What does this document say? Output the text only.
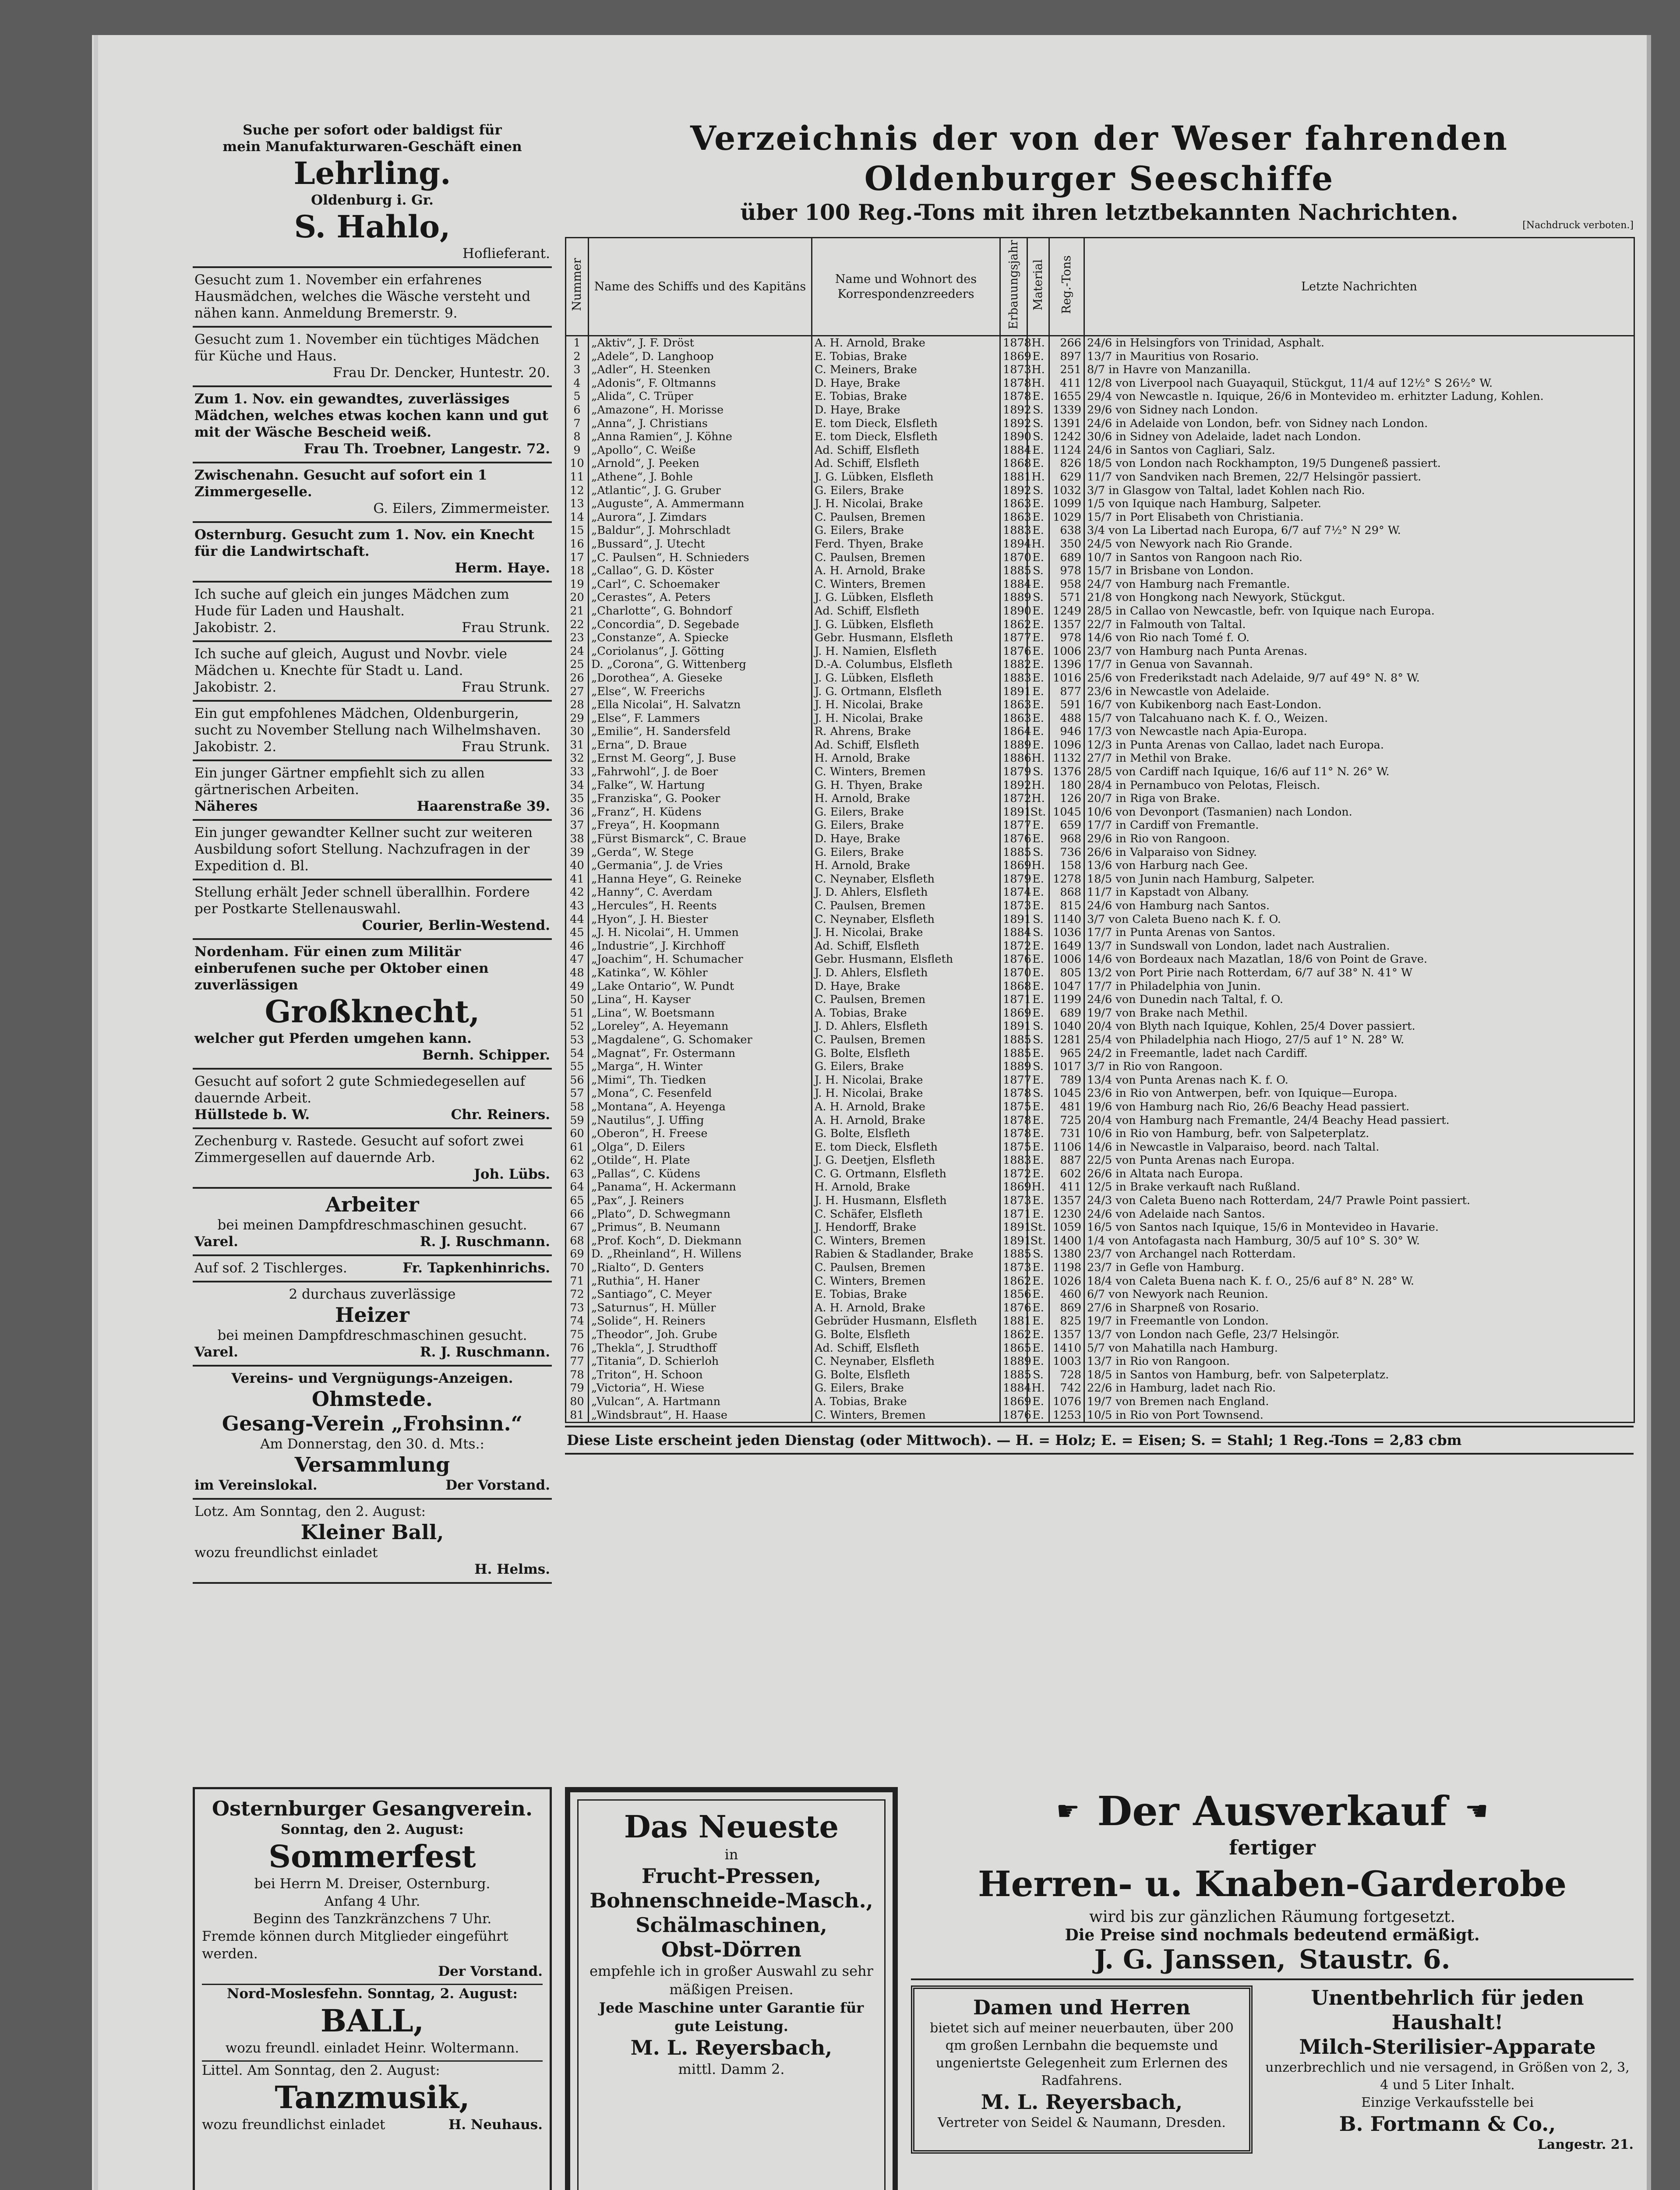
Suche per sofort oder baldigst für

mein Manufakturwaren-Geschäft einen

Lehrling.

Oldenburg i. Gr.

S. Hahlo,

Hoflieferant.

Gesucht zum 1. November ein erfahrenes Hausmädchen, welches die Wäsche versteht und nähen kann. Anmeldung Bremerstr. 9.

Gesucht zum 1. November ein tüchtiges Mädchen für Küche und Haus.

Frau Dr. Dencker, Huntestr. 20.

Zum 1. Nov. ein gewandtes, zuverlässiges Mädchen, welches etwas kochen kann und gut mit der Wäsche Bescheid weiß.

Frau Th. Troebner, Langestr. 72.

Zwischenahn. Gesucht auf sofort ein 1 Zimmergeselle.

G. Eilers, Zimmermeister.

Osternburg. Gesucht zum 1. Nov. ein Knecht für die Landwirtschaft.

Herm. Haye.

Ich suche auf gleich ein junges Mädchen zum Hude für Laden und Haushalt.

Jakobistr. 2.	Frau Strunk.

Ich suche auf gleich, August und Novbr. viele Mädchen u. Knechte für Stadt u. Land.

Jakobistr. 2.	Frau Strunk.

Ein gut empfohlenes Mädchen, Oldenburgerin, sucht zu November Stellung nach Wilhelmshaven.

Jakobistr. 2.	Frau Strunk.

Ein junger Gärtner empfiehlt sich zu allen gärtnerischen Arbeiten.

Näheres	Haarenstraße 39.

Ein junger gewandter Kellner sucht zur weiteren Ausbildung sofort Stellung. Nachzufragen in der Expedition d. Bl.

Stellung erhält Jeder schnell überallhin. Fordere per Postkarte Stellenauswahl.

Courier, Berlin-Westend.

Nordenham. Für einen zum Militär einberufenen suche per Oktober einen zuverlässigen

Großknecht,

welcher gut Pferden umgehen kann.

Bernh. Schipper.

Gesucht auf sofort 2 gute Schmiedegesellen auf dauernde Arbeit.

Hüllstede b. W.	Chr. Reiners.

Zechenburg v. Rastede. Gesucht auf sofort zwei Zimmergesellen auf dauernde Arb.

Joh. Lübs.

Arbeiter

bei meinen Dampfdreschmaschinen gesucht.

Varel.	R. J. Ruschmann.
Auf sof. 2 Tischlerges.	Fr. Tapkenhinrichs.

2 durchaus zuverlässige

Heizer

bei meinen Dampfdreschmaschinen gesucht.

Varel.	R. J. Ruschmann.

Vereins- und Vergnügungs-Anzeigen.

Ohmstede.

Gesang-Verein „Frohsinn.“

Am Donnerstag, den 30. d. Mts.:

Versammlung

im Vereinslokal.	Der Vorstand.

Lotz. Am Sonntag, den 2. August:

Kleiner Ball,

wozu freundlichst einladet

H. Helms.

Verzeichnis der von der Weser fahrenden Oldenburger Seeschiffe

über 100 Reg.-Tons mit ihren letztbekannten Nachrichten.

[Nachdruck verboten.]

Nummer	Name des Schiffs und des Kapitäns	Name und Wohnort des Korrespondenzreeders	Erbauungsjahr	Material	Reg.-Tons	Letzte Nachrichten
1	„Aktiv“, J. F. Dröst	A. H. Arnold, Brake	1878	H.	266	24/6 in Helsingfors von Trinidad, Asphalt.
2	„Adele“, D. Langhoop	E. Tobias, Brake	1869	E.	897	13/7 in Mauritius von Rosario.
3	„Adler“, H. Steenken	C. Meiners, Brake	1873	H.	251	8/7 in Havre von Manzanilla.
4	„Adonis“, F. Oltmanns	D. Haye, Brake	1878	H.	411	12/8 von Liverpool nach Guayaquil, Stückgut, 11/4 auf 12½° S 26½° W.
5	„Alida“, C. Trüper	E. Tobias, Brake	1878	E.	1655	29/4 von Newcastle n. Iquique, 26/6 in Montevideo m. erhitzter Ladung, Kohlen.
6	„Amazone“, H. Morisse	D. Haye, Brake	1892	S.	1339	29/6 von Sidney nach London.
7	„Anna“, J. Christians	E. tom Dieck, Elsfleth	1892	S.	1391	24/6 in Adelaide von London, befr. von Sidney nach London.
8	„Anna Ramien“, J. Köhne	E. tom Dieck, Elsfleth	1890	S.	1242	30/6 in Sidney von Adelaide, ladet nach London.
9	„Apollo“, C. Weiße	Ad. Schiff, Elsfleth	1884	E.	1124	24/6 in Santos von Cagliari, Salz.
10	„Arnold“, J. Peeken	Ad. Schiff, Elsfleth	1868	E.	826	18/5 von London nach Rockhampton, 19/5 Dungeneß passiert.
11	„Athene“, J. Bohle	J. G. Lübken, Elsfleth	1881	H.	629	11/7 von Sandviken nach Bremen, 22/7 Helsingör passiert.
12	„Atlantic“, J. G. Gruber	G. Eilers, Brake	1892	S.	1032	3/7 in Glasgow von Taltal, ladet Kohlen nach Rio.
13	„Auguste“, A. Ammermann	J. H. Nicolai, Brake	1863	E.	1099	1/5 von Iquique nach Hamburg, Salpeter.
14	„Aurora“, J. Zimdars	C. Paulsen, Bremen	1863	E.	1029	15/7 in Port Elisabeth von Christiania.
15	„Baldur“, J. Mohrschladt	G. Eilers, Brake	1883	E.	638	3/4 von La Libertad nach Europa, 6/7 auf 7½° N 29° W.
16	„Bussard“, J. Utecht	Ferd. Thyen, Brake	1894	H.	350	24/5 von Newyork nach Rio Grande.
17	„C. Paulsen“, H. Schnieders	C. Paulsen, Bremen	1870	E.	689	10/7 in Santos von Rangoon nach Rio.
18	„Callao“, G. D. Köster	A. H. Arnold, Brake	1885	S.	978	15/7 in Brisbane von London.
19	„Carl“, C. Schoemaker	C. Winters, Bremen	1884	E.	958	24/7 von Hamburg nach Fremantle.
20	„Cerastes“, A. Peters	J. G. Lübken, Elsfleth	1889	S.	571	21/8 von Hongkong nach Newyork, Stückgut.
21	„Charlotte“, G. Bohndorf	Ad. Schiff, Elsfleth	1890	E.	1249	28/5 in Callao von Newcastle, befr. von Iquique nach Europa.
22	„Concordia“, D. Segebade	J. G. Lübken, Elsfleth	1862	E.	1357	22/7 in Falmouth von Taltal.
23	„Constanze“, A. Spiecke	Gebr. Husmann, Elsfleth	1877	E.	978	14/6 von Rio nach Tomé f. O.
24	„Coriolanus“, J. Götting	J. H. Namien, Elsfleth	1876	E.	1006	23/7 von Hamburg nach Punta Arenas.
25	D. „Corona“, G. Wittenberg	D.-A. Columbus, Elsfleth	1882	E.	1396	17/7 in Genua von Savannah.
26	„Dorothea“, A. Gieseke	J. G. Lübken, Elsfleth	1883	E.	1016	25/6 von Frederikstadt nach Adelaide, 9/7 auf 49° N. 8° W.
27	„Else“, W. Freerichs	J. G. Ortmann, Elsfleth	1891	E.	877	23/6 in Newcastle von Adelaide.
28	„Ella Nicolai“, H. Salvatzn	J. H. Nicolai, Brake	1863	E.	591	16/7 von Kubikenborg nach East-London.
29	„Else“, F. Lammers	J. H. Nicolai, Brake	1863	E.	488	15/7 von Talcahuano nach K. f. O., Weizen.
30	„Emilie“, H. Sandersfeld	R. Ahrens, Brake	1864	E.	946	17/3 von Newcastle nach Apia-Europa.
31	„Erna“, D. Braue	Ad. Schiff, Elsfleth	1889	E.	1096	12/3 in Punta Arenas von Callao, ladet nach Europa.
32	„Ernst M. Georg“, J. Buse	H. Arnold, Brake	1886	H.	1132	27/7 in Methil von Brake.
33	„Fahrwohl“, J. de Boer	C. Winters, Bremen	1879	S.	1376	28/5 von Cardiff nach Iquique, 16/6 auf 11° N. 26° W.
34	„Falke“, W. Hartung	G. H. Thyen, Brake	1892	H.	180	28/4 in Pernambuco von Pelotas, Fleisch.
35	„Franziska“, G. Pooker	H. Arnold, Brake	1872	H.	126	20/7 in Riga von Brake.
36	„Franz“, H. Küdens	G. Eilers, Brake	1891	St.	1045	10/6 von Devonport (Tasmanien) nach London.
37	„Freya“, H. Koopmann	G. Eilers, Brake	1877	E.	659	17/7 in Cardiff von Fremantle.
38	„Fürst Bismarck“, C. Braue	D. Haye, Brake	1876	E.	968	29/6 in Rio von Rangoon.
39	„Gerda“, W. Stege	G. Eilers, Brake	1885	S.	736	26/6 in Valparaiso von Sidney.
40	„Germania“, J. de Vries	H. Arnold, Brake	1869	H.	158	13/6 von Harburg nach Gee.
41	„Hanna Heye“, G. Reineke	C. Neynaber, Elsfleth	1879	E.	1278	18/5 von Junin nach Hamburg, Salpeter.
42	„Hanny“, C. Averdam	J. D. Ahlers, Elsfleth	1874	E.	868	11/7 in Kapstadt von Albany.
43	„Hercules“, H. Reents	C. Paulsen, Bremen	1873	E.	815	24/6 von Hamburg nach Santos.
44	„Hyon“, J. H. Biester	C. Neynaber, Elsfleth	1891	S.	1140	3/7 von Caleta Bueno nach K. f. O.
45	„J. H. Nicolai“, H. Ummen	J. H. Nicolai, Brake	1884	S.	1036	17/7 in Punta Arenas von Santos.
46	„Industrie“, J. Kirchhoff	Ad. Schiff, Elsfleth	1872	E.	1649	13/7 in Sundswall von London, ladet nach Australien.
47	„Joachim“, H. Schumacher	Gebr. Husmann, Elsfleth	1876	E.	1006	14/6 von Bordeaux nach Mazatlan, 18/6 von Point de Grave.
48	„Katinka“, W. Köhler	J. D. Ahlers, Elsfleth	1870	E.	805	13/2 von Port Pirie nach Rotterdam, 6/7 auf 38° N. 41° W
49	„Lake Ontario“, W. Pundt	D. Haye, Brake	1868	E.	1047	17/7 in Philadelphia von Junin.
50	„Lina“, H. Kayser	C. Paulsen, Bremen	1871	E.	1199	24/6 von Dunedin nach Taltal, f. O.
51	„Lina“, W. Boetsmann	A. Tobias, Brake	1869	E.	689	19/7 von Brake nach Methil.
52	„Loreley“, A. Heyemann	J. D. Ahlers, Elsfleth	1891	S.	1040	20/4 von Blyth nach Iquique, Kohlen, 25/4 Dover passiert.
53	„Magdalene“, G. Schomaker	C. Paulsen, Bremen	1885	S.	1281	25/4 von Philadelphia nach Hiogo, 27/5 auf 1° N. 28° W.
54	„Magnat“, Fr. Ostermann	G. Bolte, Elsfleth	1885	E.	965	24/2 in Freemantle, ladet nach Cardiff.
55	„Marga“, H. Winter	G. Eilers, Brake	1889	S.	1017	3/7 in Rio von Rangoon.
56	„Mimi“, Th. Tiedken	J. H. Nicolai, Brake	1877	E.	789	13/4 von Punta Arenas nach K. f. O.
57	„Mona“, C. Fesenfeld	J. H. Nicolai, Brake	1878	S.	1045	23/6 in Rio von Antwerpen, befr. von Iquique—Europa.
58	„Montana“, A. Heyenga	A. H. Arnold, Brake	1875	E.	481	19/6 von Hamburg nach Rio, 26/6 Beachy Head passiert.
59	„Nautilus“, J. Uffing	A. H. Arnold, Brake	1878	E.	725	20/4 von Hamburg nach Fremantle, 24/4 Beachy Head passiert.
60	„Oberon“, H. Freese	G. Bolte, Elsfleth	1878	E.	731	10/6 in Rio von Hamburg, befr. von Salpeterplatz.
61	„Olga“, D. Eilers	E. tom Dieck, Elsfleth	1875	E.	1106	14/6 in Newcastle in Valparaiso, beord. nach Taltal.
62	„Otilde“, H. Plate	J. G. Deetjen, Elsfleth	1883	E.	887	22/5 von Punta Arenas nach Europa.
63	„Pallas“, C. Küdens	C. G. Ortmann, Elsfleth	1872	E.	602	26/6 in Altata nach Europa.
64	„Panama“, H. Ackermann	H. Arnold, Brake	1869	H.	411	12/5 in Brake verkauft nach Rußland.
65	„Pax“, J. Reiners	J. H. Husmann, Elsfleth	1873	E.	1357	24/3 von Caleta Bueno nach Rotterdam, 24/7 Prawle Point passiert.
66	„Plato“, D. Schwegmann	C. Schäfer, Elsfleth	1871	E.	1230	24/6 von Adelaide nach Santos.
67	„Primus“, B. Neumann	J. Hendorff, Brake	1891	St.	1059	16/5 von Santos nach Iquique, 15/6 in Montevideo in Havarie.
68	„Prof. Koch“, D. Diekmann	C. Winters, Bremen	1891	St.	1400	1/4 von Antofagasta nach Hamburg, 30/5 auf 10° S. 30° W.
69	D. „Rheinland“, H. Willens	Rabien & Stadlander, Brake	1885	S.	1380	23/7 von Archangel nach Rotterdam.
70	„Rialto“, D. Genters	C. Paulsen, Bremen	1873	E.	1198	23/7 in Gefle von Hamburg.
71	„Ruthia“, H. Haner	C. Winters, Bremen	1862	E.	1026	18/4 von Caleta Buena nach K. f. O., 25/6 auf 8° N. 28° W.
72	„Santiago“, C. Meyer	E. Tobias, Brake	1856	E.	460	6/7 von Newyork nach Reunion.
73	„Saturnus“, H. Müller	A. H. Arnold, Brake	1876	E.	869	27/6 in Sharpneß von Rosario.
74	„Solide“, H. Reiners	Gebrüder Husmann, Elsfleth	1881	E.	825	19/7 in Freemantle von London.
75	„Theodor“, Joh. Grube	G. Bolte, Elsfleth	1862	E.	1357	13/7 von London nach Gefle, 23/7 Helsingör.
76	„Thekla“, J. Strudthoff	Ad. Schiff, Elsfleth	1865	E.	1410	5/7 von Mahatilla nach Hamburg.
77	„Titania“, D. Schierloh	C. Neynaber, Elsfleth	1889	E.	1003	13/7 in Rio von Rangoon.
78	„Triton“, H. Schoon	G. Bolte, Elsfleth	1885	S.	728	18/5 in Santos von Hamburg, befr. von Salpeterplatz.
79	„Victoria“, H. Wiese	G. Eilers, Brake	1884	H.	742	22/6 in Hamburg, ladet nach Rio.
80	„Vulcan“, A. Hartmann	A. Tobias, Brake	1869	E.	1076	19/7 von Bremen nach England.
81	„Windsbraut“, H. Haase	C. Winters, Bremen	1876	E.	1253	10/5 in Rio von Port Townsend.

Diese Liste erscheint jeden Dienstag (oder Mittwoch). — H. = Holz; E. = Eisen; S. = Stahl; 1 Reg.-Tons = 2,83 cbm

Osternburger Gesangverein.

Sonntag, den 2. August:

Sommerfest

bei Herrn M. Dreiser, Osternburg.

Anfang 4 Uhr.

Beginn des Tanzkränzchens 7 Uhr.

Fremde können durch Mitglieder eingeführt werden.

Der Vorstand.

Nord-Moslesfehn. Sonntag, 2. August:

BALL,

wozu freundl. einladet Heinr. Woltermann.

Littel. Am Sonntag, den 2. August:

Tanzmusik,

wozu freundlichst einladet	H. Neuhaus.

Das Neueste

in

Frucht-Pressen,

Bohnenschneide-Masch.,

Schälmaschinen,

Obst-Dörren

empfehle ich in großer Auswahl zu sehr mäßigen Preisen.

Jede Maschine unter Garantie für gute Leistung.

M. L. Reyersbach,

mittl. Damm 2.

☛ Der Ausverkauf ☚

fertiger

Herren- u. Knaben-Garderobe

wird bis zur gänzlichen Räumung fortgesetzt.

Die Preise sind nochmals bedeutend ermäßigt.

J. G. Janssen, Staustr. 6.

Damen und Herren

bietet sich auf meiner neuerbauten, über 200 qm großen Lernbahn die bequemste und ungeniertste Gelegenheit zum Erlernen des Radfahrens.

M. L. Reyersbach,

Vertreter von Seidel & Naumann, Dresden.

Unentbehrlich für jeden Haushalt!

Milch-Sterilisier-Apparate

unzerbrechlich und nie versagend, in Größen von 2, 3, 4 und 5 Liter Inhalt.

Einzige Verkaufsstelle bei

B. Fortmann & Co.,

Langestr. 21.
